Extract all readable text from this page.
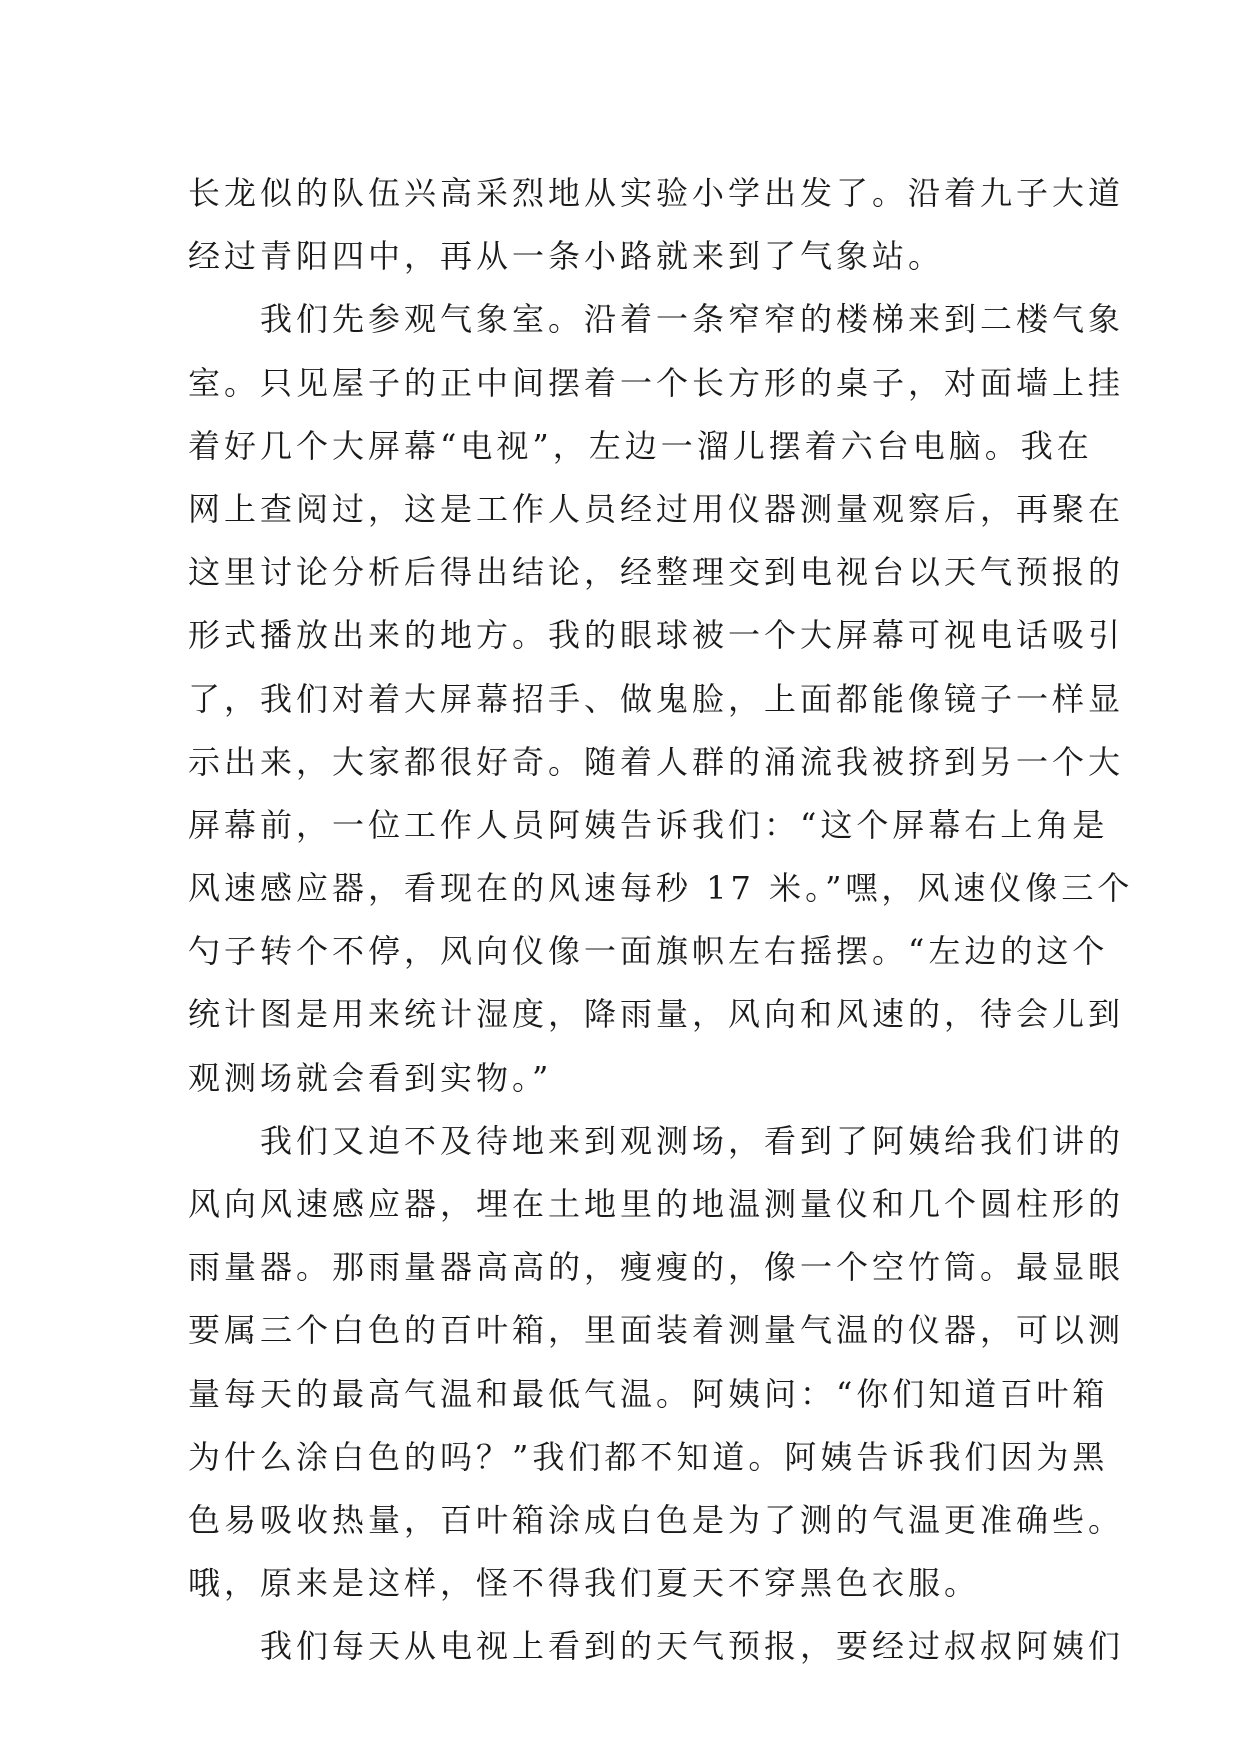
长龙似的队伍兴高采烈地从实验小学出发了。沿着九子大道
经过青阳四中，再从一条小路就来到了气象站。
我们先参观气象室。沿着一条窄窄的楼梯来到二楼气象
室。只见屋子的正中间摆着一个长方形的桌子，对面墙上挂
着好几个大屏幕“电视”，左边一溜儿摆着六台电脑。我在
网上查阅过，这是工作人员经过用仪器测量观察后，再聚在
这里讨论分析后得出结论，经整理交到电视台以天气预报的
形式播放出来的地方。我的眼球被一个大屏幕可视电话吸引
了，我们对着大屏幕招手、做鬼脸，上面都能像镜子一样显
示出来，大家都很好奇。随着人群的涌流我被挤到另一个大
屏幕前，一位工作人员阿姨告诉我们：“这个屏幕右上角是
风速感应器，看现在的风速每秒 17 米。”嘿，风速仪像三个
勺子转个不停，风向仪像一面旗帜左右摇摆。“左边的这个
统计图是用来统计湿度，降雨量，风向和风速的，待会儿到
观测场就会看到实物。”
我们又迫不及待地来到观测场，看到了阿姨给我们讲的
风向风速感应器，埋在土地里的地温测量仪和几个圆柱形的
雨量器。那雨量器高高的，瘦瘦的，像一个空竹筒。最显眼
要属三个白色的百叶箱，里面装着测量气温的仪器，可以测
量每天的最高气温和最低气温。阿姨问：“你们知道百叶箱
为什么涂白色的吗？”我们都不知道。阿姨告诉我们因为黑
色易吸收热量，百叶箱涂成白色是为了测的气温更准确些。
哦，原来是这样，怪不得我们夏天不穿黑色衣服。
我们每天从电视上看到的天气预报，要经过叔叔阿姨们
